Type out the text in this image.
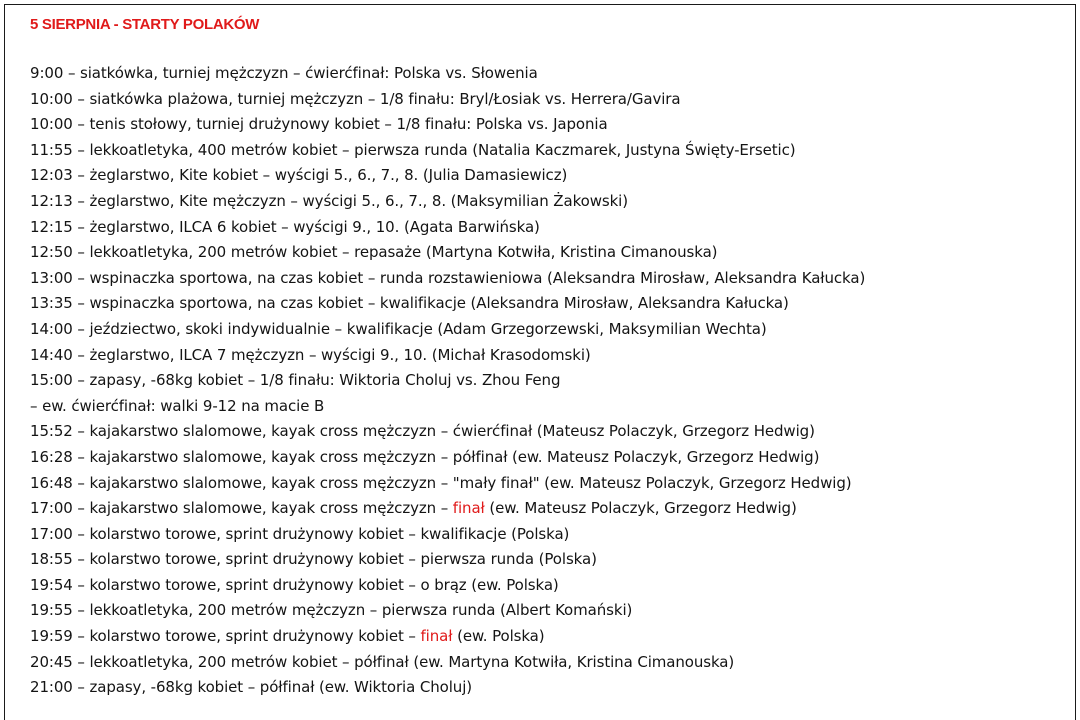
5 SIERPNIA - STARTY POLAKÓW
9:00 – siatkówka, turniej mężczyzn – ćwierćfinał: Polska vs. Słowenia
10:00 – siatkówka plażowa, turniej mężczyzn – 1/8 finału: Bryl/Łosiak vs. Herrera/Gavira
10:00 – tenis stołowy, turniej drużynowy kobiet – 1/8 finału: Polska vs. Japonia
11:55 – lekkoatletyka, 400 metrów kobiet – pierwsza runda (Natalia Kaczmarek, Justyna Święty-Ersetic)
12:03 – żeglarstwo, Kite kobiet – wyścigi 5., 6., 7., 8. (Julia Damasiewicz)
12:13 – żeglarstwo, Kite mężczyzn – wyścigi 5., 6., 7., 8. (Maksymilian Żakowski)
12:15 – żeglarstwo, ILCA 6 kobiet – wyścigi 9., 10. (Agata Barwińska)
12:50 – lekkoatletyka, 200 metrów kobiet – repasaże (Martyna Kotwiła, Kristina Cimanouska)
13:00 – wspinaczka sportowa, na czas kobiet – runda rozstawieniowa (Aleksandra Mirosław, Aleksandra Kałucka)
13:35 – wspinaczka sportowa, na czas kobiet – kwalifikacje (Aleksandra Mirosław, Aleksandra Kałucka)
14:00 – jeździectwo, skoki indywidualnie – kwalifikacje (Adam Grzegorzewski, Maksymilian Wechta)
14:40 – żeglarstwo, ILCA 7 mężczyzn – wyścigi 9., 10. (Michał Krasodomski)
15:00 – zapasy, -68kg kobiet – 1/8 finału: Wiktoria Choluj vs. Zhou Feng
– ew. ćwierćfinał: walki 9-12 na macie B
15:52 – kajakarstwo slalomowe, kayak cross mężczyzn – ćwierćfinał (Mateusz Polaczyk, Grzegorz Hedwig)
16:28 – kajakarstwo slalomowe, kayak cross mężczyzn – półfinał (ew. Mateusz Polaczyk, Grzegorz Hedwig)
16:48 – kajakarstwo slalomowe, kayak cross mężczyzn – "mały finał" (ew. Mateusz Polaczyk, Grzegorz Hedwig)
17:00 – kajakarstwo slalomowe, kayak cross mężczyzn – finał (ew. Mateusz Polaczyk, Grzegorz Hedwig)
17:00 – kolarstwo torowe, sprint drużynowy kobiet – kwalifikacje (Polska)
18:55 – kolarstwo torowe, sprint drużynowy kobiet – pierwsza runda (Polska)
19:54 – kolarstwo torowe, sprint drużynowy kobiet – o brąz (ew. Polska)
19:55 – lekkoatletyka, 200 metrów mężczyzn – pierwsza runda (Albert Komański)
19:59 – kolarstwo torowe, sprint drużynowy kobiet – finał (ew. Polska)
20:45 – lekkoatletyka, 200 metrów kobiet – półfinał (ew. Martyna Kotwiła, Kristina Cimanouska)
21:00 – zapasy, -68kg kobiet – półfinał (ew. Wiktoria Choluj)
